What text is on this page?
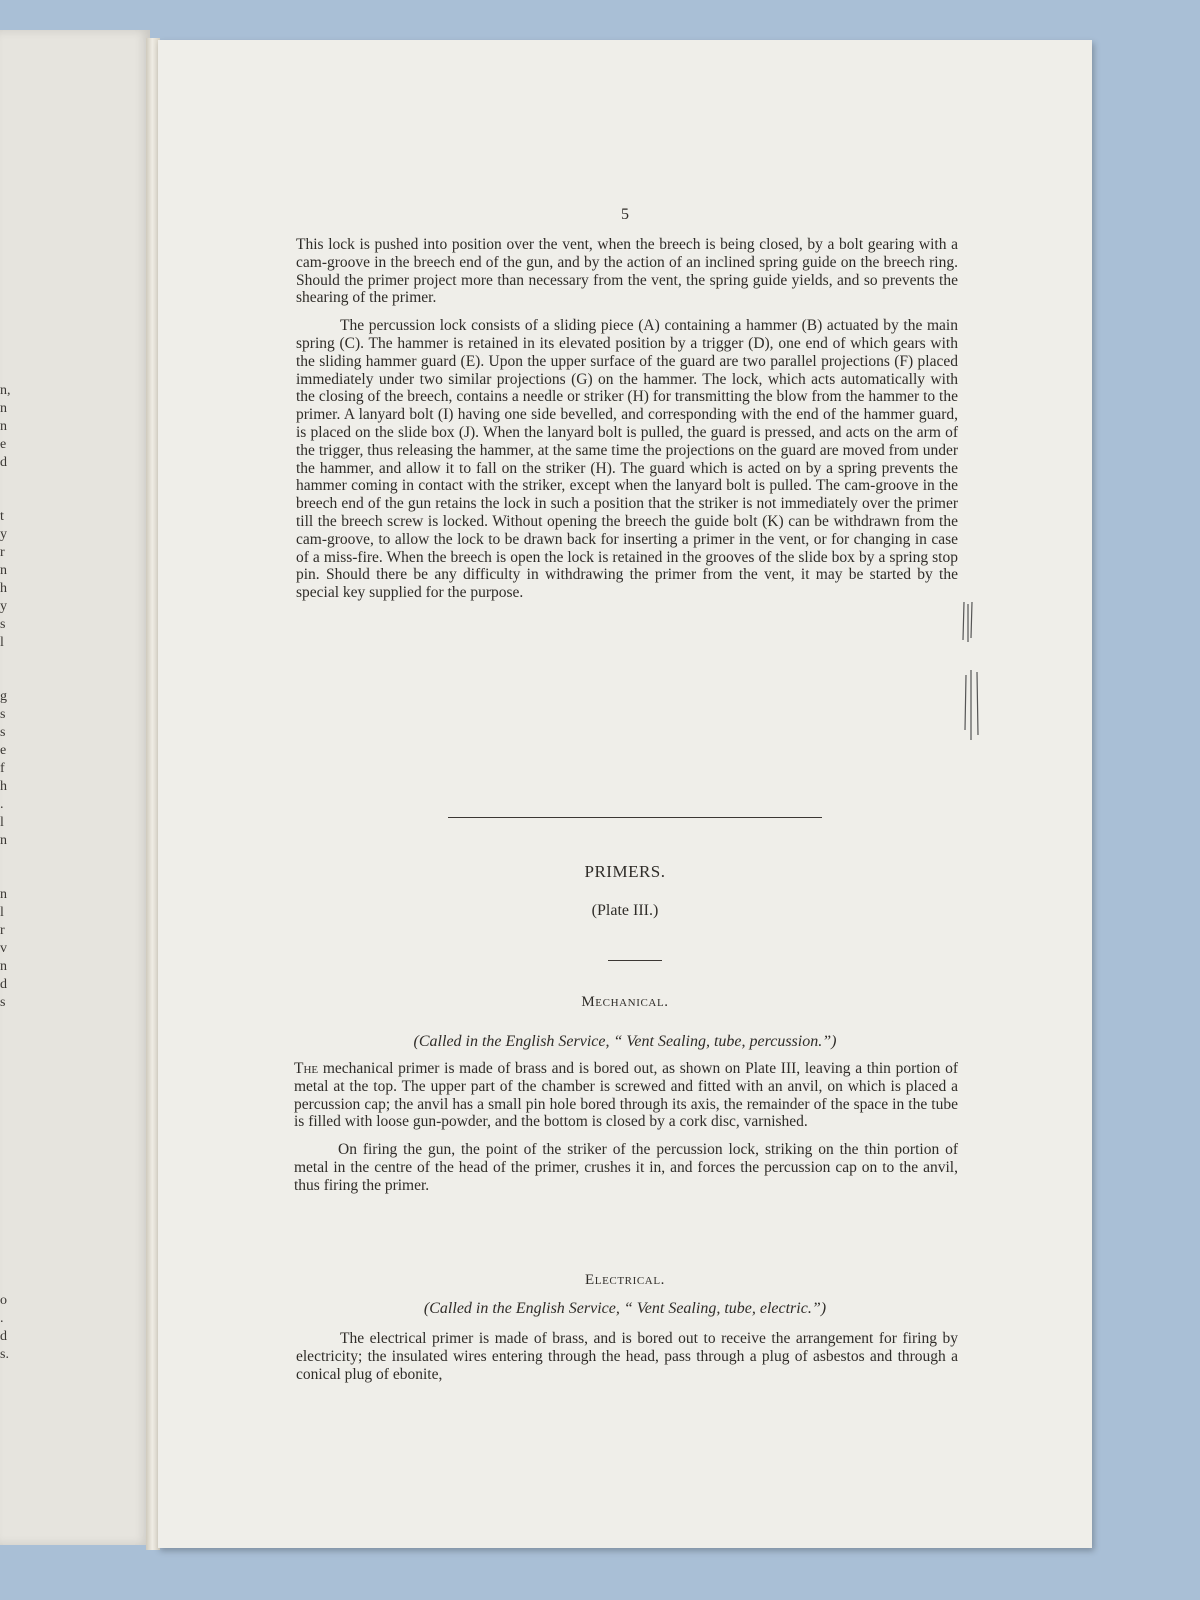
n,
n
n
e
d
t
y
r
n
h
y
s
l
g
s
s
e
f
h
.
l
n
n
l
r
v
n
d
s
o
.
d
s.
5

This lock is pushed into position over the vent, when the breech is being closed, by a bolt gearing with a cam-groove in the breech end of the gun, and by the action of an inclined spring guide on the breech ring. Should the primer project more than necessary from the vent, the spring guide yields, and so prevents the shearing of the primer.

The percussion lock consists of a sliding piece (A) containing a hammer (B) actuated by the main spring (C). The hammer is retained in its elevated position by a trigger (D), one end of which gears with the sliding hammer guard (E). Upon the upper surface of the guard are two parallel projections (F) placed immediately under two similar projections (G) on the hammer. The lock, which acts automatically with the closing of the breech, contains a needle or striker (H) for transmitting the blow from the hammer to the primer. A lanyard bolt (I) having one side bevelled, and corresponding with the end of the hammer guard, is placed on the slide box (J). When the lanyard bolt is pulled, the guard is pressed, and acts on the arm of the trigger, thus releasing the hammer, at the same time the projections on the guard are moved from under the hammer, and allow it to fall on the striker (H). The guard which is acted on by a spring prevents the hammer coming in contact with the striker, except when the lanyard bolt is pulled. The cam-groove in the breech end of the gun retains the lock in such a position that the striker is not immediately over the primer till the breech screw is locked. Without opening the breech the guide bolt (K) can be withdrawn from the cam-groove, to allow the lock to be drawn back for inserting a primer in the vent, or for changing in case of a miss-fire. When the breech is open the lock is retained in the grooves of the slide box by a spring stop pin. Should there be any difficulty in withdrawing the primer from the vent, it may be started by the special key supplied for the purpose.

PRIMERS.
(Plate III.)
Mechanical.
(Called in the English Service, “ Vent Sealing, tube, percussion.”)

The mechanical primer is made of brass and is bored out, as shown on Plate III, leaving a thin portion of metal at the top. The upper part of the chamber is screwed and fitted with an anvil, on which is placed a percussion cap; the anvil has a small pin hole bored through its axis, the remainder of the space in the tube is filled with loose gun-powder, and the bottom is closed by a cork disc, varnished.

On firing the gun, the point of the striker of the percussion lock, striking on the thin portion of metal in the centre of the head of the primer, crushes it in, and forces the percussion cap on to the anvil, thus firing the primer.

Electrical.
(Called in the English Service, “ Vent Sealing, tube, electric.”)

The electrical primer is made of brass, and is bored out to receive the arrangement for firing by electricity; the insulated wires entering through the head, pass through a plug of asbestos and through a conical plug of ebonite,
